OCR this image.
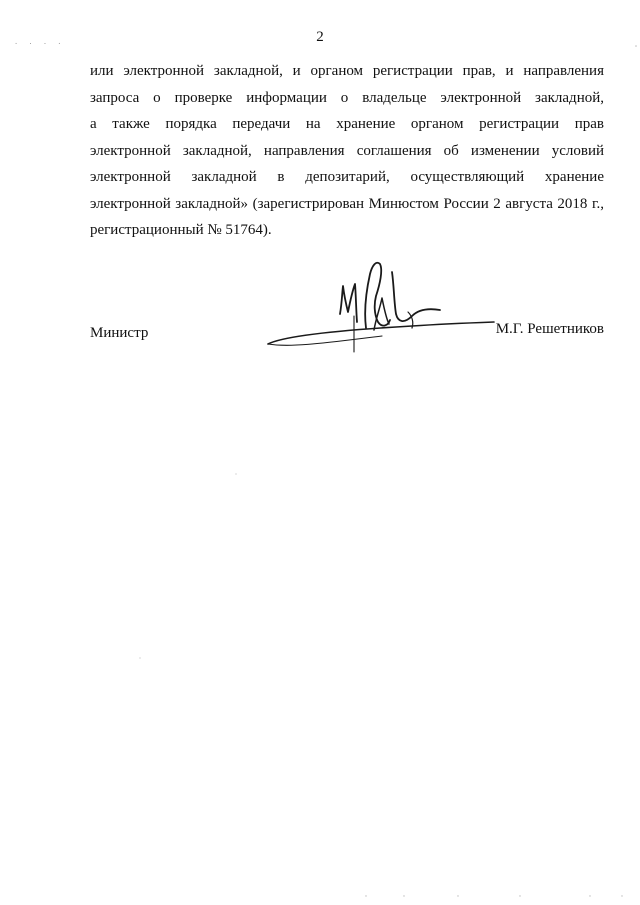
. . . .	2
или электронной закладной, и органом регистрации прав, и направления
запроса о проверке информации о владельце электронной закладной,
а также порядка передачи на хранение органом регистрации прав
электронной закладной, направления соглашения об изменении условий
электронной закладной в депозитарий, осуществляющий хранение
электронной закладной» (зарегистрирован Минюстом России 2 августа 2018 г.,
регистрационный № 51764).
Министр	М.Г. Решетников
